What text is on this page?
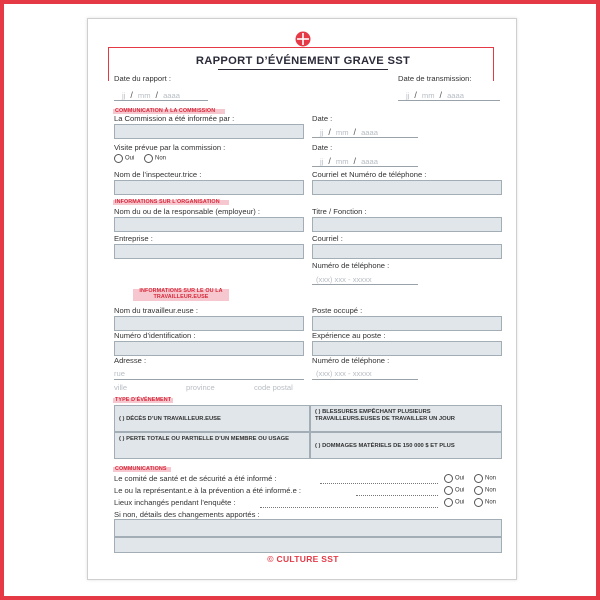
RAPPORT D’ÉVÉNEMENT GRAVE SST
Date du rapport :	Date de transmission:
jj / mm / aaaa	jj / mm / aaaa
COMMUNICATION À LA COMMISSION
La Commission a été informée par :	Date :
jj / mm / aaaa
Visite prévue par la commission :
Oui	Non
Date :
jj / mm / aaaa
Nom de l’inspecteur.trice :	Courriel et Numéro de téléphone :
INFORMATIONS SUR L’ORGANISATION
Nom du ou de la responsable (employeur) :	Titre / Fonction :
Entreprise :	Courriel :
Numéro de téléphone :
(xxx) xxx - xxxxx
INFORMATIONS SUR LE OU LA TRAVAILLEUR.EUSE
Nom du travailleur.euse :	Poste occupé :
Numéro d’identification :	Expérience au poste :
Adresse :
rue
ville	province	code postal
Numéro de téléphone :
(xxx) xxx - xxxxx
TYPE D’ÉVÉNEMENT
( ) DÉCÈS D’UN TRAVAILLEUR.EUSE
( ) BLESSURES EMPÊCHANT PLUSIEURS TRAVAILLEURS.EUSES DE TRAVAILLER UN JOUR
( ) PERTE TOTALE OU PARTIELLE D’UN MEMBRE OU USAGE
( ) DOMMAGES MATÉRIELS DE 150 000 $ ET PLUS
COMMUNICATIONS
Le comité de santé et de sécurité a été informé :	Oui	Non
Le ou la représentant.e à la prévention a été informé.e :	Oui	Non
Lieux inchangés pendant l’enquête :	Oui	Non
Si non, détails des changements apportés :
© CULTURE SST
